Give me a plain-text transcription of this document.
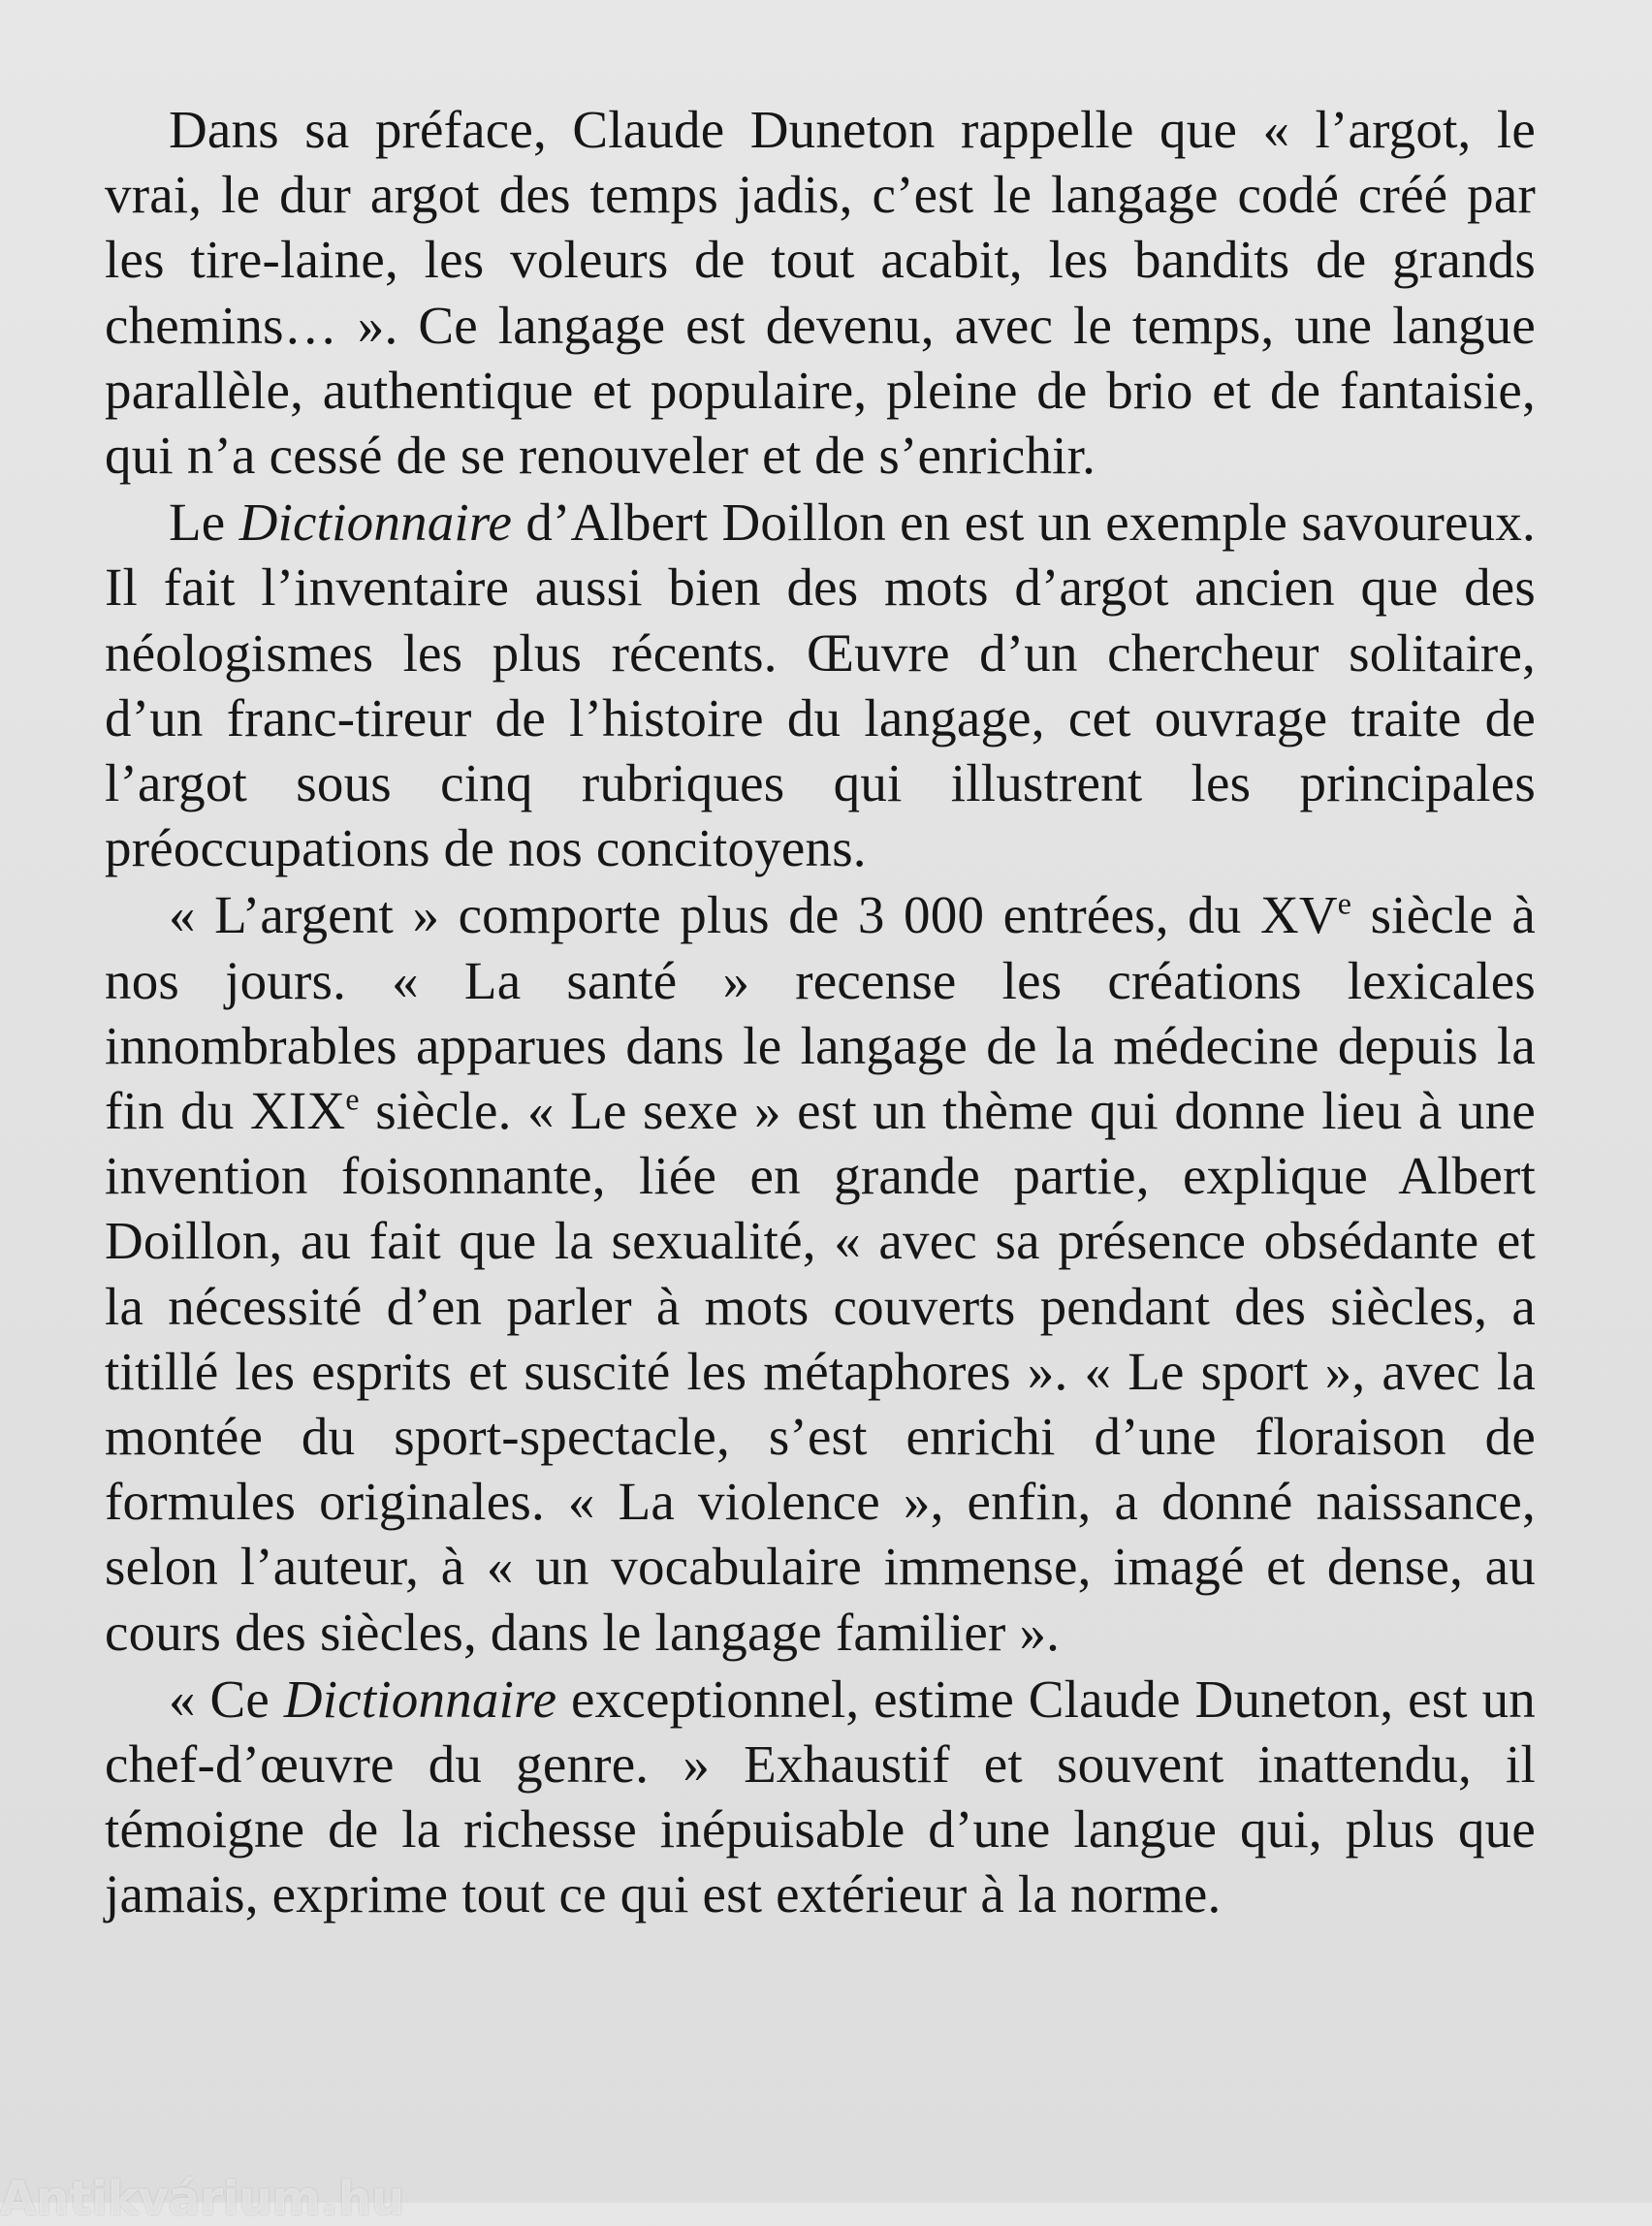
Dans sa préface, Claude Duneton rappelle que « l’argot, le vrai, le dur argot des temps jadis, c’est le langage codé créé par les tire-laine, les voleurs de tout acabit, les bandits de grands chemins… ». Ce langage est devenu, avec le temps, une langue parallèle, authentique et populaire, pleine de brio et de fantaisie, qui n’a cessé de se renouveler et de s’enrichir.

Le Dictionnaire d’Albert Doillon en est un exemple savoureux. Il fait l’inventaire aussi bien des mots d’argot ancien que des néologismes les plus récents. Œuvre d’un chercheur solitaire, d’un franc-tireur de l’histoire du langage, cet ouvrage traite de l’argot sous cinq rubriques qui illustrent les principales préoccupations de nos concitoyens.

« L’argent » comporte plus de 3 000 entrées, du XVe siècle à nos jours. « La santé » recense les créations lexicales innombrables apparues dans le langage de la médecine depuis la fin du XIXe siècle. « Le sexe » est un thème qui donne lieu à une invention foisonnante, liée en grande partie, explique Albert Doillon, au fait que la sexualité, « avec sa présence obsédante et la nécessité d’en parler à mots couverts pendant des siècles, a titillé les esprits et suscité les métaphores ». « Le sport », avec la montée du sport-spectacle, s’est enrichi d’une floraison de formules originales. « La violence », enfin, a donné naissance, selon l’auteur, à « un vocabulaire immense, imagé et dense, au cours des siècles, dans le langage familier ».

« Ce Dictionnaire exceptionnel, estime Claude Duneton, est un chef-d’œuvre du genre. » Exhaustif et souvent inattendu, il témoigne de la richesse inépuisable d’une langue qui, plus que jamais, exprime tout ce qui est extérieur à la norme.

Antikvárium.hu
